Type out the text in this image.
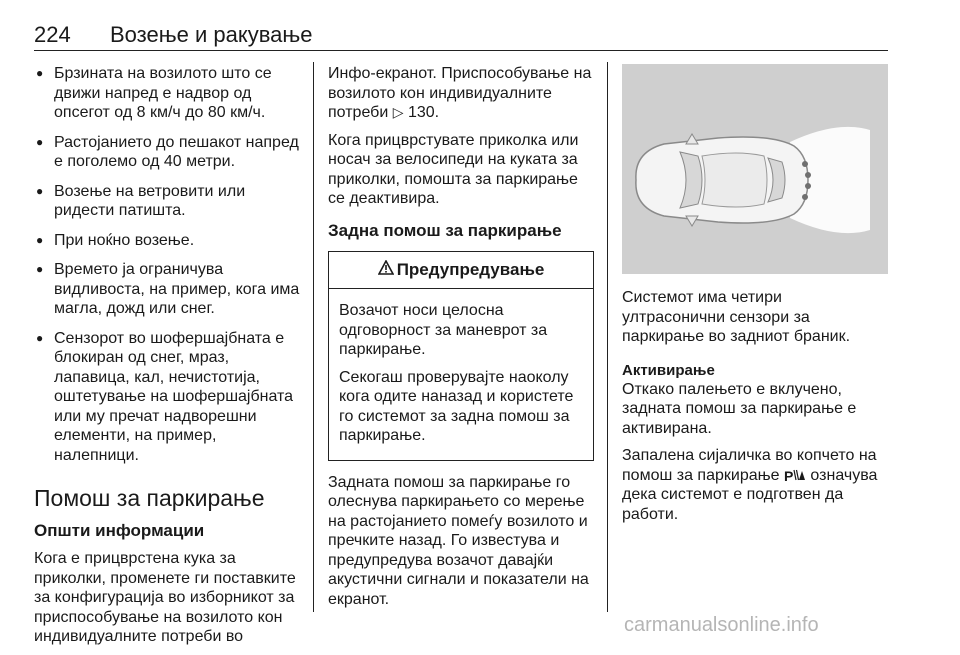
224 Возење и ракување
● Брзината на возилото што се движи напред е надвор од опсегот од 8 км/ч до 80 км/ч.
● Растојанието до пешакот напред е поголемо од 40 метри.
● Возење на ветровити или ридести патишта.
● При ноќно возење.
● Времето ја ограничува видливоста, на пример, кога има магла, дожд или снег.
● Сензорот во шофершајбната е блокиран од снег, мраз, лапавица, кал, нечистотија, оштетување на шофершајбната или му пречат надворешни елементи, на пример, налепници.
Помош за паркирање
Општи информации

Кога е прицврстена кука за приколки, променете ги поставките за конфигурација во изборникот за приспособување на возилото кон индивидуалните потреби во

Инфо-екранот. Приспособување на возилото кон индивидуалните потреби ▷ 130.

Кога прицврстувате приколка или носач за велосипеди на куката за приколки, помошта за паркирање се деактивира.

Задна помош за паркирање
Предупредување

Возачот носи целосна одговорност за маневрот за паркирање.

Секогаш проверувајте наоколу кога одите наназад и користете го системот за задна помош за паркирање.

Задната помош за паркирање го олеснува паркирањето со мерење на растојанието помеѓу возилото и пречките назад. Го известува и предупредува возачот давајќи акустични сигнали и показатели на екранот.

Системот има четири ултрасонични сензори за паркирање во задниот браник.

Активирање

Откако палењето е вклучено, задната помош за паркирање е активирана.

Запалена сијаличка во копчето на помош за паркирање P означува дека системот е подготвен да работи.

carmanualsonline.info
